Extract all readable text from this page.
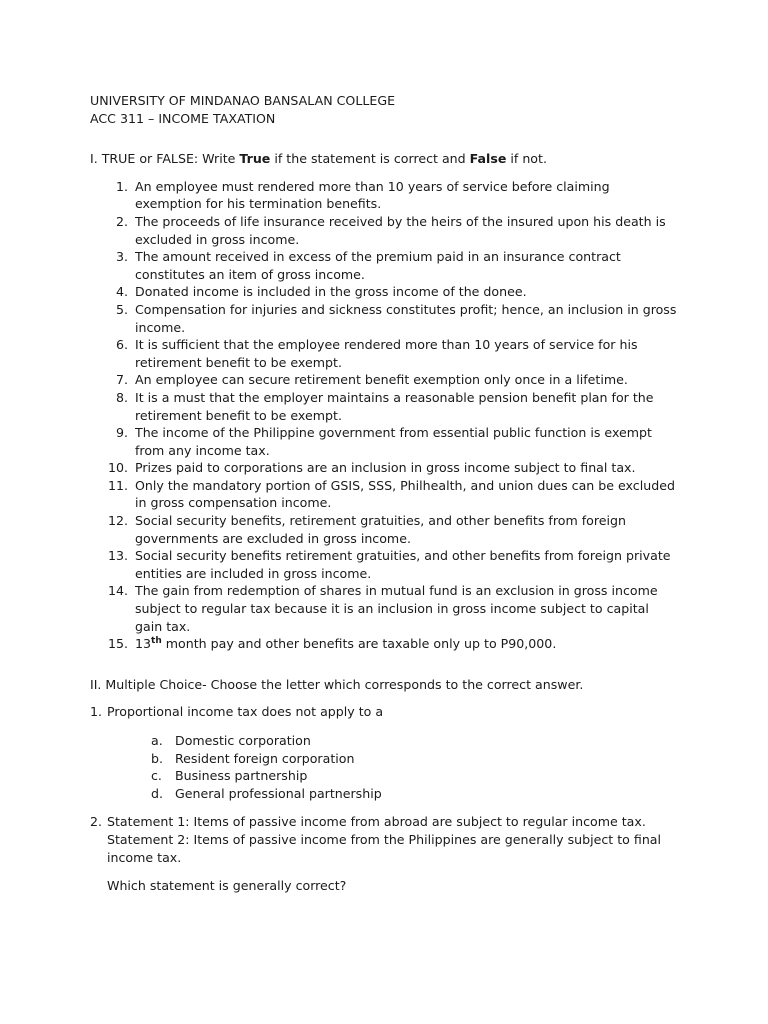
UNIVERSITY OF MINDANAO BANSALAN COLLEGE
ACC 311 – INCOME TAXATION
I. TRUE or FALSE: Write True if the statement is correct and False if not.
1. An employee must rendered more than 10 years of service before claiming exemption for his termination benefits.
2. The proceeds of life insurance received by the heirs of the insured upon his death is excluded in gross income.
3. The amount received in excess of the premium paid in an insurance contract constitutes an item of gross income.
4. Donated income is included in the gross income of the donee.
5. Compensation for injuries and sickness constitutes profit; hence, an inclusion in gross income.
6. It is sufficient that the employee rendered more than 10 years of service for his retirement benefit to be exempt.
7. An employee can secure retirement benefit exemption only once in a lifetime.
8. It is a must that the employer maintains a reasonable pension benefit plan for the retirement benefit to be exempt.
9. The income of the Philippine government from essential public function is exempt from any income tax.
10. Prizes paid to corporations are an inclusion in gross income subject to final tax.
11. Only the mandatory portion of GSIS, SSS, Philhealth, and union dues can be excluded in gross compensation income.
12. Social security benefits, retirement gratuities, and other benefits from foreign governments are excluded in gross income.
13. Social security benefits retirement gratuities, and other benefits from foreign private entities are included in gross income.
14. The gain from redemption of shares in mutual fund is an exclusion in gross income subject to regular tax because it is an inclusion in gross income subject to capital gain tax.
15. 13th month pay and other benefits are taxable only up to P90,000.
II. Multiple Choice- Choose the letter which corresponds to the correct answer.
1. Proportional income tax does not apply to a
a. Domestic corporation
b. Resident foreign corporation
c. Business partnership
d. General professional partnership
2. Statement 1: Items of passive income from abroad are subject to regular income tax.
Statement 2: Items of passive income from the Philippines are generally subject to final income tax.
Which statement is generally correct?
